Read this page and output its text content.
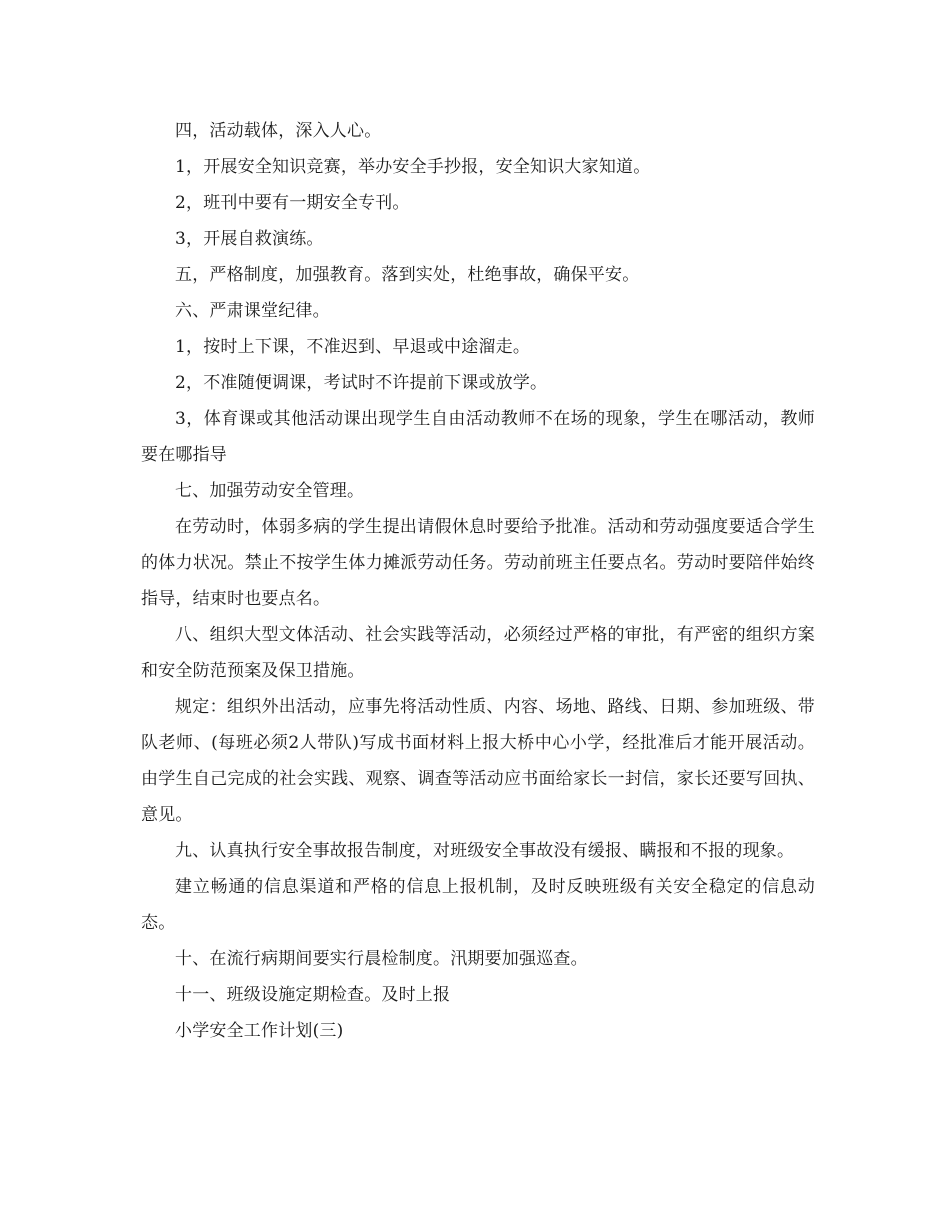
四，活动载体，深入人心。

1，开展安全知识竞赛，举办安全手抄报，安全知识大家知道。

2，班刊中要有一期安全专刊。

3，开展自救演练。

五，严格制度，加强教育。落到实处，杜绝事故，确保平安。

六、严肃课堂纪律。

1，按时上下课，不准迟到、早退或中途溜走。

2，不准随便调课，考试时不许提前下课或放学。

3，体育课或其他活动课出现学生自由活动教师不在场的现象，学生在哪活动，教师要在哪指导

七、加强劳动安全管理。

在劳动时，体弱多病的学生提出请假休息时要给予批准。活动和劳动强度要适合学生的体力状况。禁止不按学生体力摊派劳动任务。劳动前班主任要点名。劳动时要陪伴始终指导，结束时也要点名。

八、组织大型文体活动、社会实践等活动，必须经过严格的审批，有严密的组织方案和安全防范预案及保卫措施。

规定：组织外出活动，应事先将活动性质、内容、场地、路线、日期、参加班级、带队老师、(每班必须2人带队)写成书面材料上报大桥中心小学，经批准后才能开展活动。由学生自己完成的社会实践、观察、调查等活动应书面给家长一封信，家长还要写回执、意见。

九、认真执行安全事故报告制度，对班级安全事故没有缓报、瞒报和不报的现象。

建立畅通的信息渠道和严格的信息上报机制，及时反映班级有关安全稳定的信息动态。

十、在流行病期间要实行晨检制度。汛期要加强巡查。

十一、班级设施定期检查。及时上报

小学安全工作计划(三)
